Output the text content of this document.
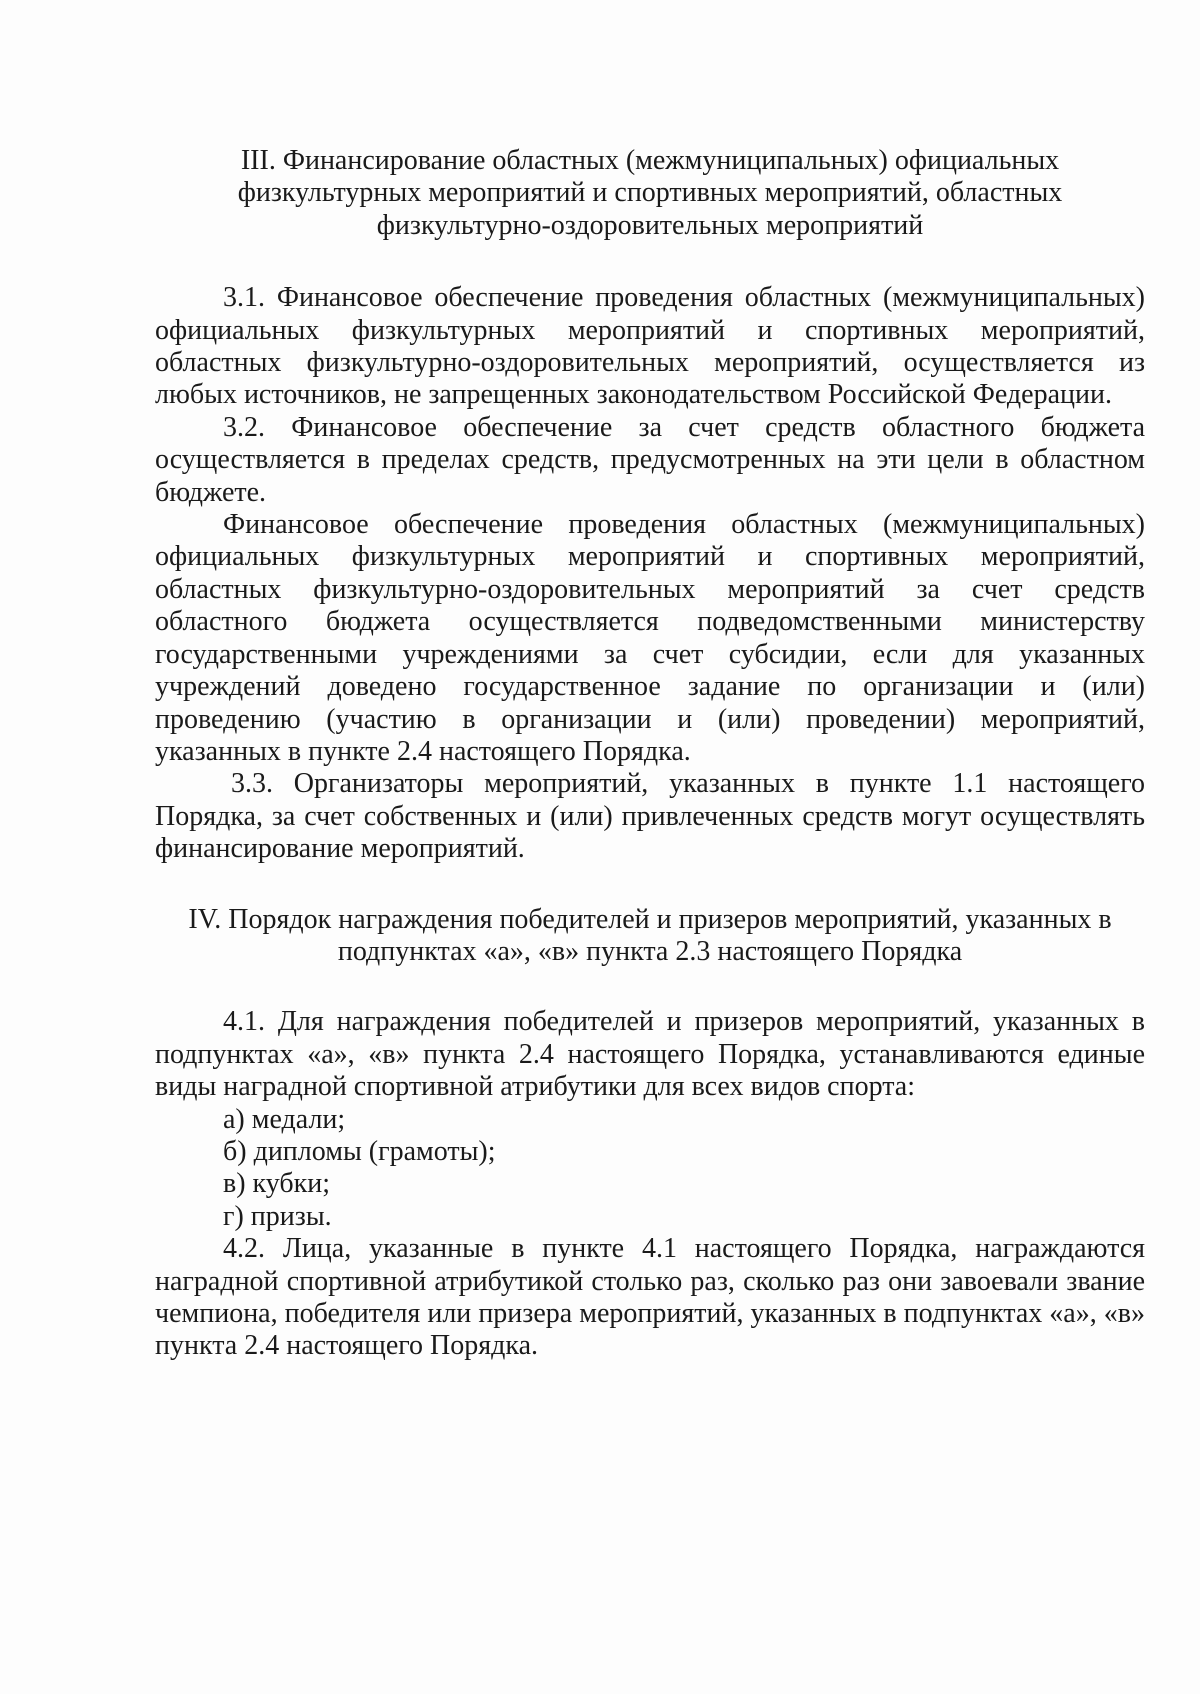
III. Финансирование областных (межмуниципальных) официальных
физкультурных мероприятий и спортивных мероприятий, областных
физкультурно-оздоровительных мероприятий

3.1. Финансовое обеспечение проведения областных (межмуниципальных) официальных физкультурных мероприятий и спортивных мероприятий, областных физкультурно-оздоровительных мероприятий, осуществляется из любых источников, не запрещенных законодательством Российской Федерации.

3.2. Финансовое обеспечение за счет средств областного бюджета осуществляется в пределах средств, предусмотренных на эти цели в областном бюджете.

Финансовое обеспечение проведения областных (межмуниципальных) официальных физкультурных мероприятий и спортивных мероприятий, областных физкультурно-оздоровительных мероприятий за счет средств областного бюджета осуществляется подведомственными министерству государственными учреждениями за счет субсидии, если для указанных учреждений доведено государственное задание по организации и (или) проведению (участию в организации и (или) проведении) мероприятий, указанных в пункте 2.4 настоящего Порядка.

3.3. Организаторы мероприятий, указанных в пункте 1.1 настоящего Порядка, за счет собственных и (или) привлеченных средств могут осуществлять финансирование мероприятий.

IV. Порядок награждения победителей и призеров мероприятий, указанных в
подпунктах «а», «в» пункта 2.3 настоящего Порядка

4.1. Для награждения победителей и призеров мероприятий, указанных в подпунктах «а», «в» пункта 2.4 настоящего Порядка, устанавливаются единые виды наградной спортивной атрибутики для всех видов спорта:

а) медали;

б) дипломы (грамоты);

в) кубки;

г) призы.

4.2. Лица, указанные в пункте 4.1 настоящего Порядка, награждаются наградной спортивной атрибутикой столько раз, сколько раз они завоевали звание чемпиона, победителя или призера мероприятий, указанных в подпунктах «а», «в» пункта 2.4 настоящего Порядка.
